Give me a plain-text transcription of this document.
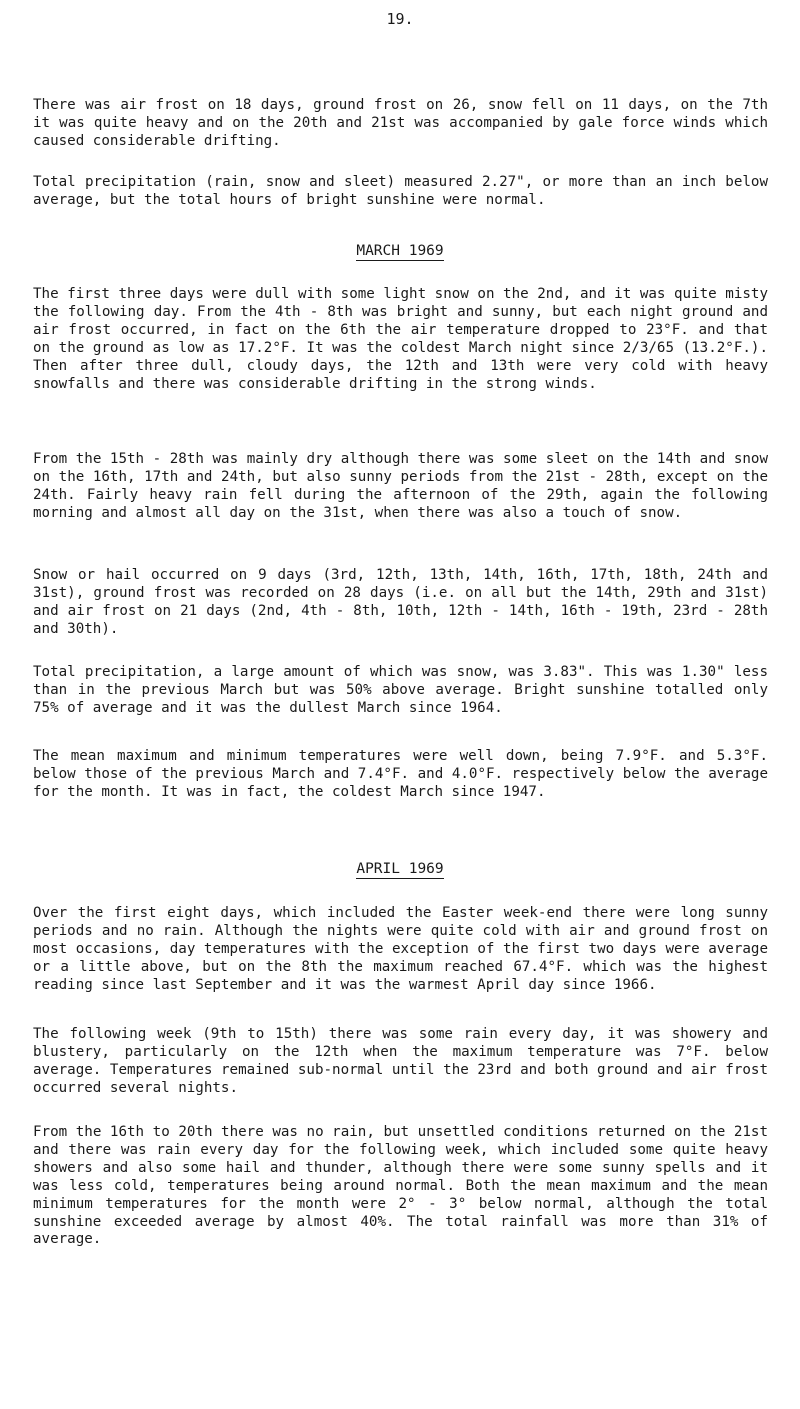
19.
There was air frost on 18 days, ground frost on 26, snow fell on 11 days, on the 7th it was quite heavy and on the 20th and 21st was accompanied by gale force winds which caused considerable drifting.
Total precipitation (rain, snow and sleet) measured 2.27", or more than an inch below average, but the total hours of bright sunshine were normal.
MARCH 1969
The first three days were dull with some light snow on the 2nd, and it was quite misty the following day. From the 4th - 8th was bright and sunny, but each night ground and air frost occurred, in fact on the 6th the air temperature dropped to 23°F. and that on the ground as low as 17.2°F. It was the coldest March night since 2/3/65 (13.2°F.). Then after three dull, cloudy days, the 12th and 13th were very cold with heavy snowfalls and there was considerable drifting in the strong winds.
From the 15th - 28th was mainly dry although there was some sleet on the 14th and snow on the 16th, 17th and 24th, but also sunny periods from the 21st - 28th, except on the 24th. Fairly heavy rain fell during the afternoon of the 29th, again the following morning and almost all day on the 31st, when there was also a touch of snow.
Snow or hail occurred on 9 days (3rd, 12th, 13th, 14th, 16th, 17th, 18th, 24th and 31st), ground frost was recorded on 28 days (i.e. on all but the 14th, 29th and 31st) and air frost on 21 days (2nd, 4th - 8th, 10th, 12th - 14th, 16th - 19th, 23rd - 28th and 30th).
Total precipitation, a large amount of which was snow, was 3.83". This was 1.30" less than in the previous March but was 50% above average. Bright sunshine totalled only 75% of average and it was the dullest March since 1964.
The mean maximum and minimum temperatures were well down, being 7.9°F. and 5.3°F. below those of the previous March and 7.4°F. and 4.0°F. respectively below the average for the month. It was in fact, the coldest March since 1947.
APRIL 1969
Over the first eight days, which included the Easter week-end there were long sunny periods and no rain. Although the nights were quite cold with air and ground frost on most occasions, day temperatures with the exception of the first two days were average or a little above, but on the 8th the maximum reached 67.4°F. which was the highest reading since last September and it was the warmest April day since 1966.
The following week (9th to 15th) there was some rain every day, it was showery and blustery, particularly on the 12th when the maximum temperature was 7°F. below average. Temperatures remained sub-normal until the 23rd and both ground and air frost occurred several nights.
From the 16th to 20th there was no rain, but unsettled conditions returned on the 21st and there was rain every day for the following week, which included some quite heavy showers and also some hail and thunder, although there were some sunny spells and it was less cold, temperatures being around normal. Both the mean maximum and the mean minimum temperatures for the month were 2° - 3° below normal, although the total sunshine exceeded average by almost 40%. The total rainfall was more than 31% of average.
